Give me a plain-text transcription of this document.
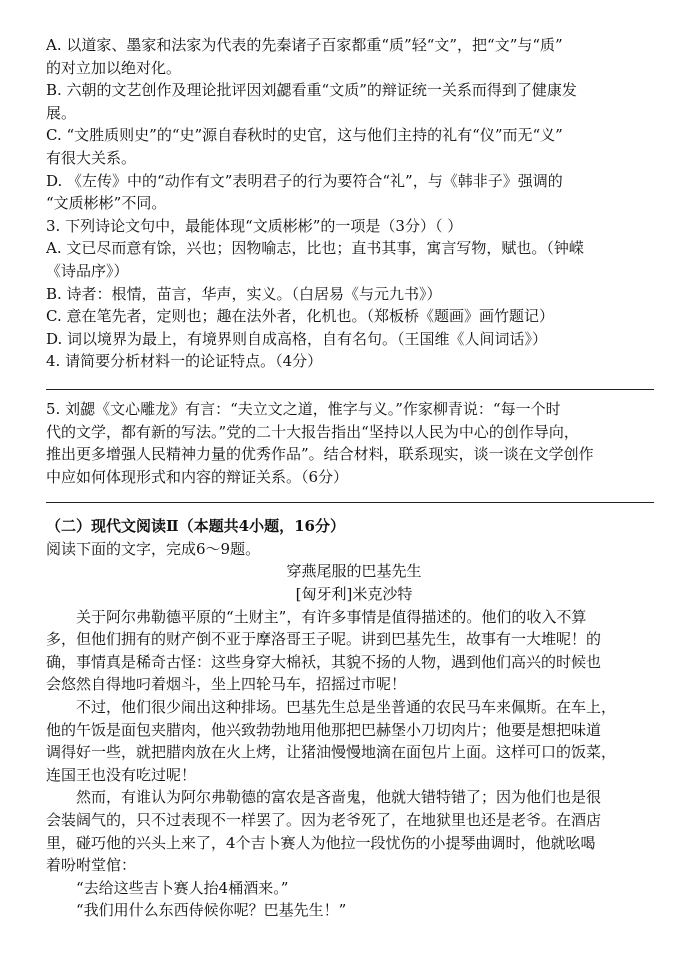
A. 以道家、墨家和法家为代表的先秦诸子百家都重“质”轻“文”，把“文”与“质”
的对立加以绝对化。
B. 六朝的文艺创作及理论批评因刘勰看重“文质”的辩证统一关系而得到了健康发
展。
C. “文胜质则史”的“史”源自春秋时的史官，这与他们主持的礼有“仪”而无“义”
有很大关系。
D. 《左传》中的“动作有文”表明君子的行为要符合“礼”，与《韩非子》强调的
“文质彬彬”不同。
3. 下列诗论文句中，最能体现“文质彬彬”的一项是（3分）（ ）
A. 文已尽而意有馀，兴也；因物喻志，比也；直书其事，寓言写物，赋也。（钟嵘
《诗品序》）
B. 诗者：根情，苗言，华声，实义。（白居易《与元九书》）
C. 意在笔先者，定则也；趣在法外者，化机也。（郑板桥《题画》画竹题记）
D. 词以境界为最上，有境界则自成高格，自有名句。（王国维《人间词话》）
4. 请简要分析材料一的论证特点。（4分）
5. 刘勰《文心雕龙》有言：“夫立文之道，惟字与义。”作家柳青说：“每一个时
代的文学，都有新的写法。”党的二十大报告指出“坚持以人民为中心的创作导向，
推出更多增强人民精神力量的优秀作品”。结合材料，联系现实，谈一谈在文学创作
中应如何体现形式和内容的辩证关系。（6分）
（二）现代文阅读Ⅱ（本题共4小题，16分）
阅读下面的文字，完成6～9题。
穿燕尾服的巴基先生
[匈牙利]米克沙特
关于阿尔弗勒德平原的“土财主”，有许多事情是值得描述的。他们的收入不算
多，但他们拥有的财产倒不亚于摩洛哥王子呢。讲到巴基先生，故事有一大堆呢！的
确，事情真是稀奇古怪：这些身穿大棉袄，其貌不扬的人物，遇到他们高兴的时候也
会悠然自得地叼着烟斗，坐上四轮马车，招摇过市呢！
不过，他们很少闹出这种排场。巴基先生总是坐普通的农民马车来佩斯。在车上，
他的午饭是面包夹腊肉，他兴致勃勃地用他那把巴赫堡小刀切肉片；他要是想把味道
调得好一些，就把腊肉放在火上烤，让猪油慢慢地滴在面包片上面。这样可口的饭菜，
连国王也没有吃过呢！
然而，有谁认为阿尔弗勒德的富农是吝啬鬼，他就大错特错了；因为他们也是很
会装阔气的，只不过表现不一样罢了。因为老爷死了，在地狱里也还是老爷。在酒店
里，碰巧他的兴头上来了，4个吉卜赛人为他拉一段忧伤的小提琴曲调时，他就吆喝
着吩咐堂倌：
“去给这些吉卜赛人抬4桶酒来。”
“我们用什么东西侍候你呢？巴基先生！”
